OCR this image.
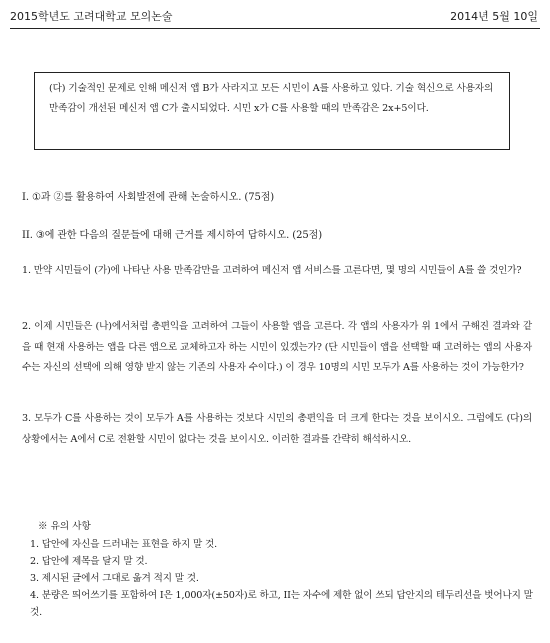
2015학년도 고려대학교 모의논술	2014년 5월 10일
(다) 기술적인 문제로 인해 메신저 앱 B가 사라지고 모든 시민이 A를 사용하고 있다. 기술 혁신으로 사용자의 만족감이 개선된 메신저 앱 C가 출시되었다. 시민 x가 C를 사용할 때의 만족감은 2x+5이다.
I. ①과 ②를 활용하여 사회발전에 관해 논술하시오. (75점)
II. ③에 관한 다음의 질문들에 대해 근거를 제시하여 답하시오. (25점)

1. 만약 시민들이 (가)에 나타난 사용 만족감만을 고려하여 메신저 앱 서비스를 고른다면, 몇 명의 시민들이 A를 쓸 것인가?

2. 이제 시민들은 (나)에서처럼 총편익을 고려하여 그들이 사용할 앱을 고른다. 각 앱의 사용자가 위 1에서 구해진 결과와 같을 때 현재 사용하는 앱을 다른 앱으로 교체하고자 하는 시민이 있겠는가? (단 시민들이 앱을 선택할 때 고려하는 앱의 사용자 수는 자신의 선택에 의해 영향 받지 않는 기존의 사용자 수이다.) 이 경우 10명의 시민 모두가 A를 사용하는 것이 가능한가?

3. 모두가 C를 사용하는 것이 모두가 A를 사용하는 것보다 시민의 총편익을 더 크게 한다는 것을 보이시오. 그럼에도 (다)의 상황에서는 A에서 C로 전환할 시민이 없다는 것을 보이시오. 이러한 결과를 간략히 해석하시오.

※ 유의 사항
1. 답안에 자신을 드러내는 표현을 하지 말 것.
2. 답안에 제목을 달지 말 것.
3. 제시된 글에서 그대로 옮겨 적지 말 것.
4. 분량은 띄어쓰기를 포함하여 I은 1,000자(±50자)로 하고, II는 자수에 제한 없이 쓰되 답안지의 테두리선을 벗어나지 말 것.
